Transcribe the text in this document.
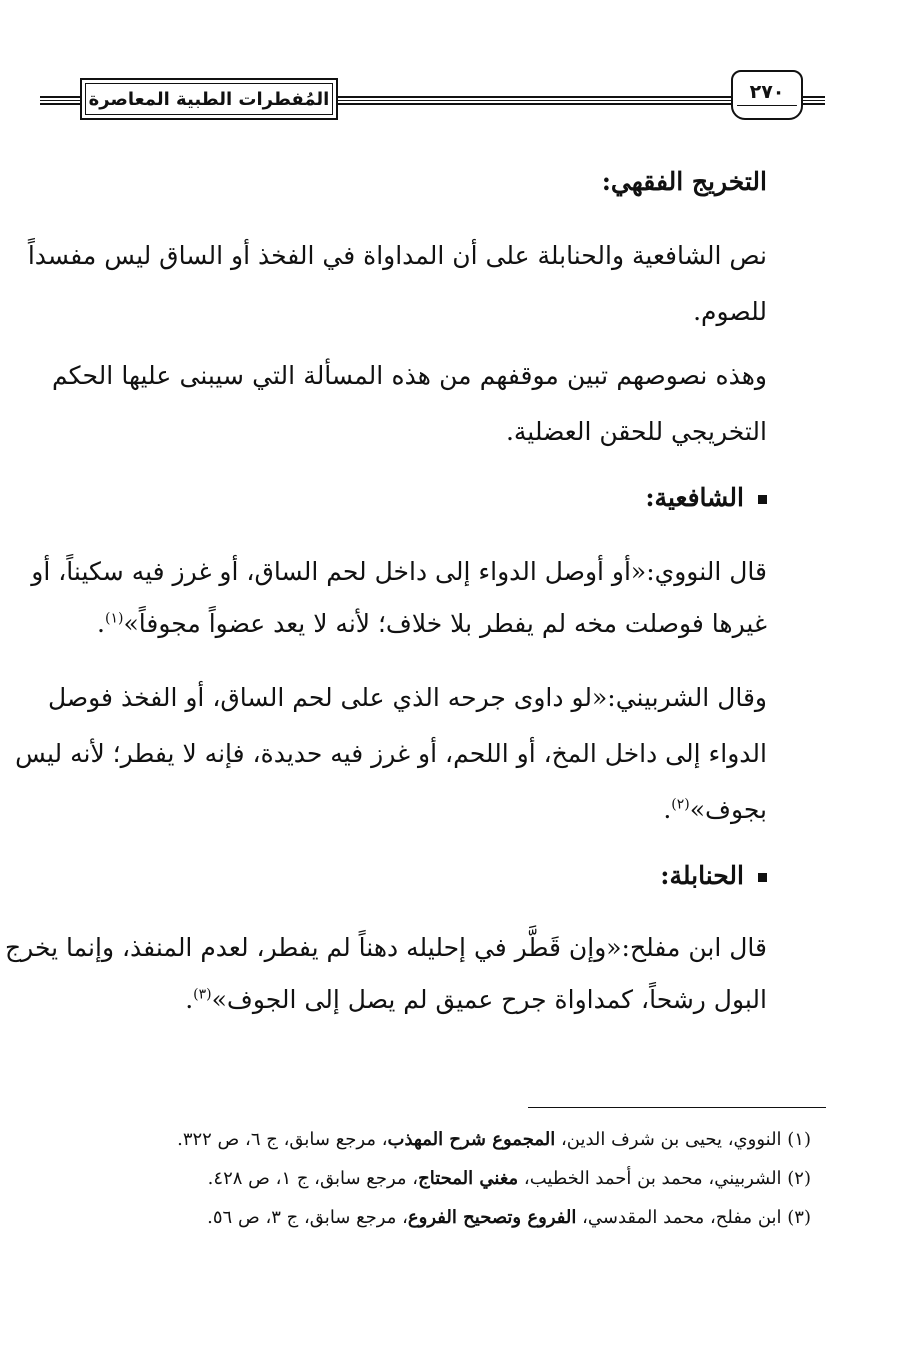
المُفطرات الطبية المعاصرة	٢٧٠
التخريج الفقهي:
نص الشافعية والحنابلة على أن المداواة في الفخذ أو الساق ليس مفسداً
للصوم.
وهذه نصوصهم تبين موقفهم من هذه المسألة التي سيبنى عليها الحكم
التخريجي للحقن العضلية.
الشافعية:
قال النووي:«أو أوصل الدواء إلى داخل لحم الساق، أو غرز فيه سكيناً، أو
غيرها فوصلت مخه لم يفطر بلا خلاف؛ لأنه لا يعد عضواً مجوفاً»$^{(١)}$.
وقال الشربيني:«لو داوى جرحه الذي على لحم الساق، أو الفخذ فوصل
الدواء إلى داخل المخ، أو اللحم، أو غرز فيه حديدة، فإنه لا يفطر؛ لأنه ليس
بجوف»$^{(٢)}$.
الحنابلة:
قال ابن مفلح:«وإن قَطَّر في إحليله دهناً لم يفطر، لعدم المنفذ، وإنما يخرج
البول رشحاً، كمداواة جرح عميق لم يصل إلى الجوف»$^{(٣)}$.
(١) النووي، يحيى بن شرف الدين، المجموع شرح المهذب، مرجع سابق، ج ٦، ص ٣٢٢.
(٢) الشربيني، محمد بن أحمد الخطيب، مغني المحتاج، مرجع سابق، ج ١، ص ٤٢٨.
(٣) ابن مفلح، محمد المقدسي، الفروع وتصحيح الفروع، مرجع سابق، ج ٣، ص ٥٦.
